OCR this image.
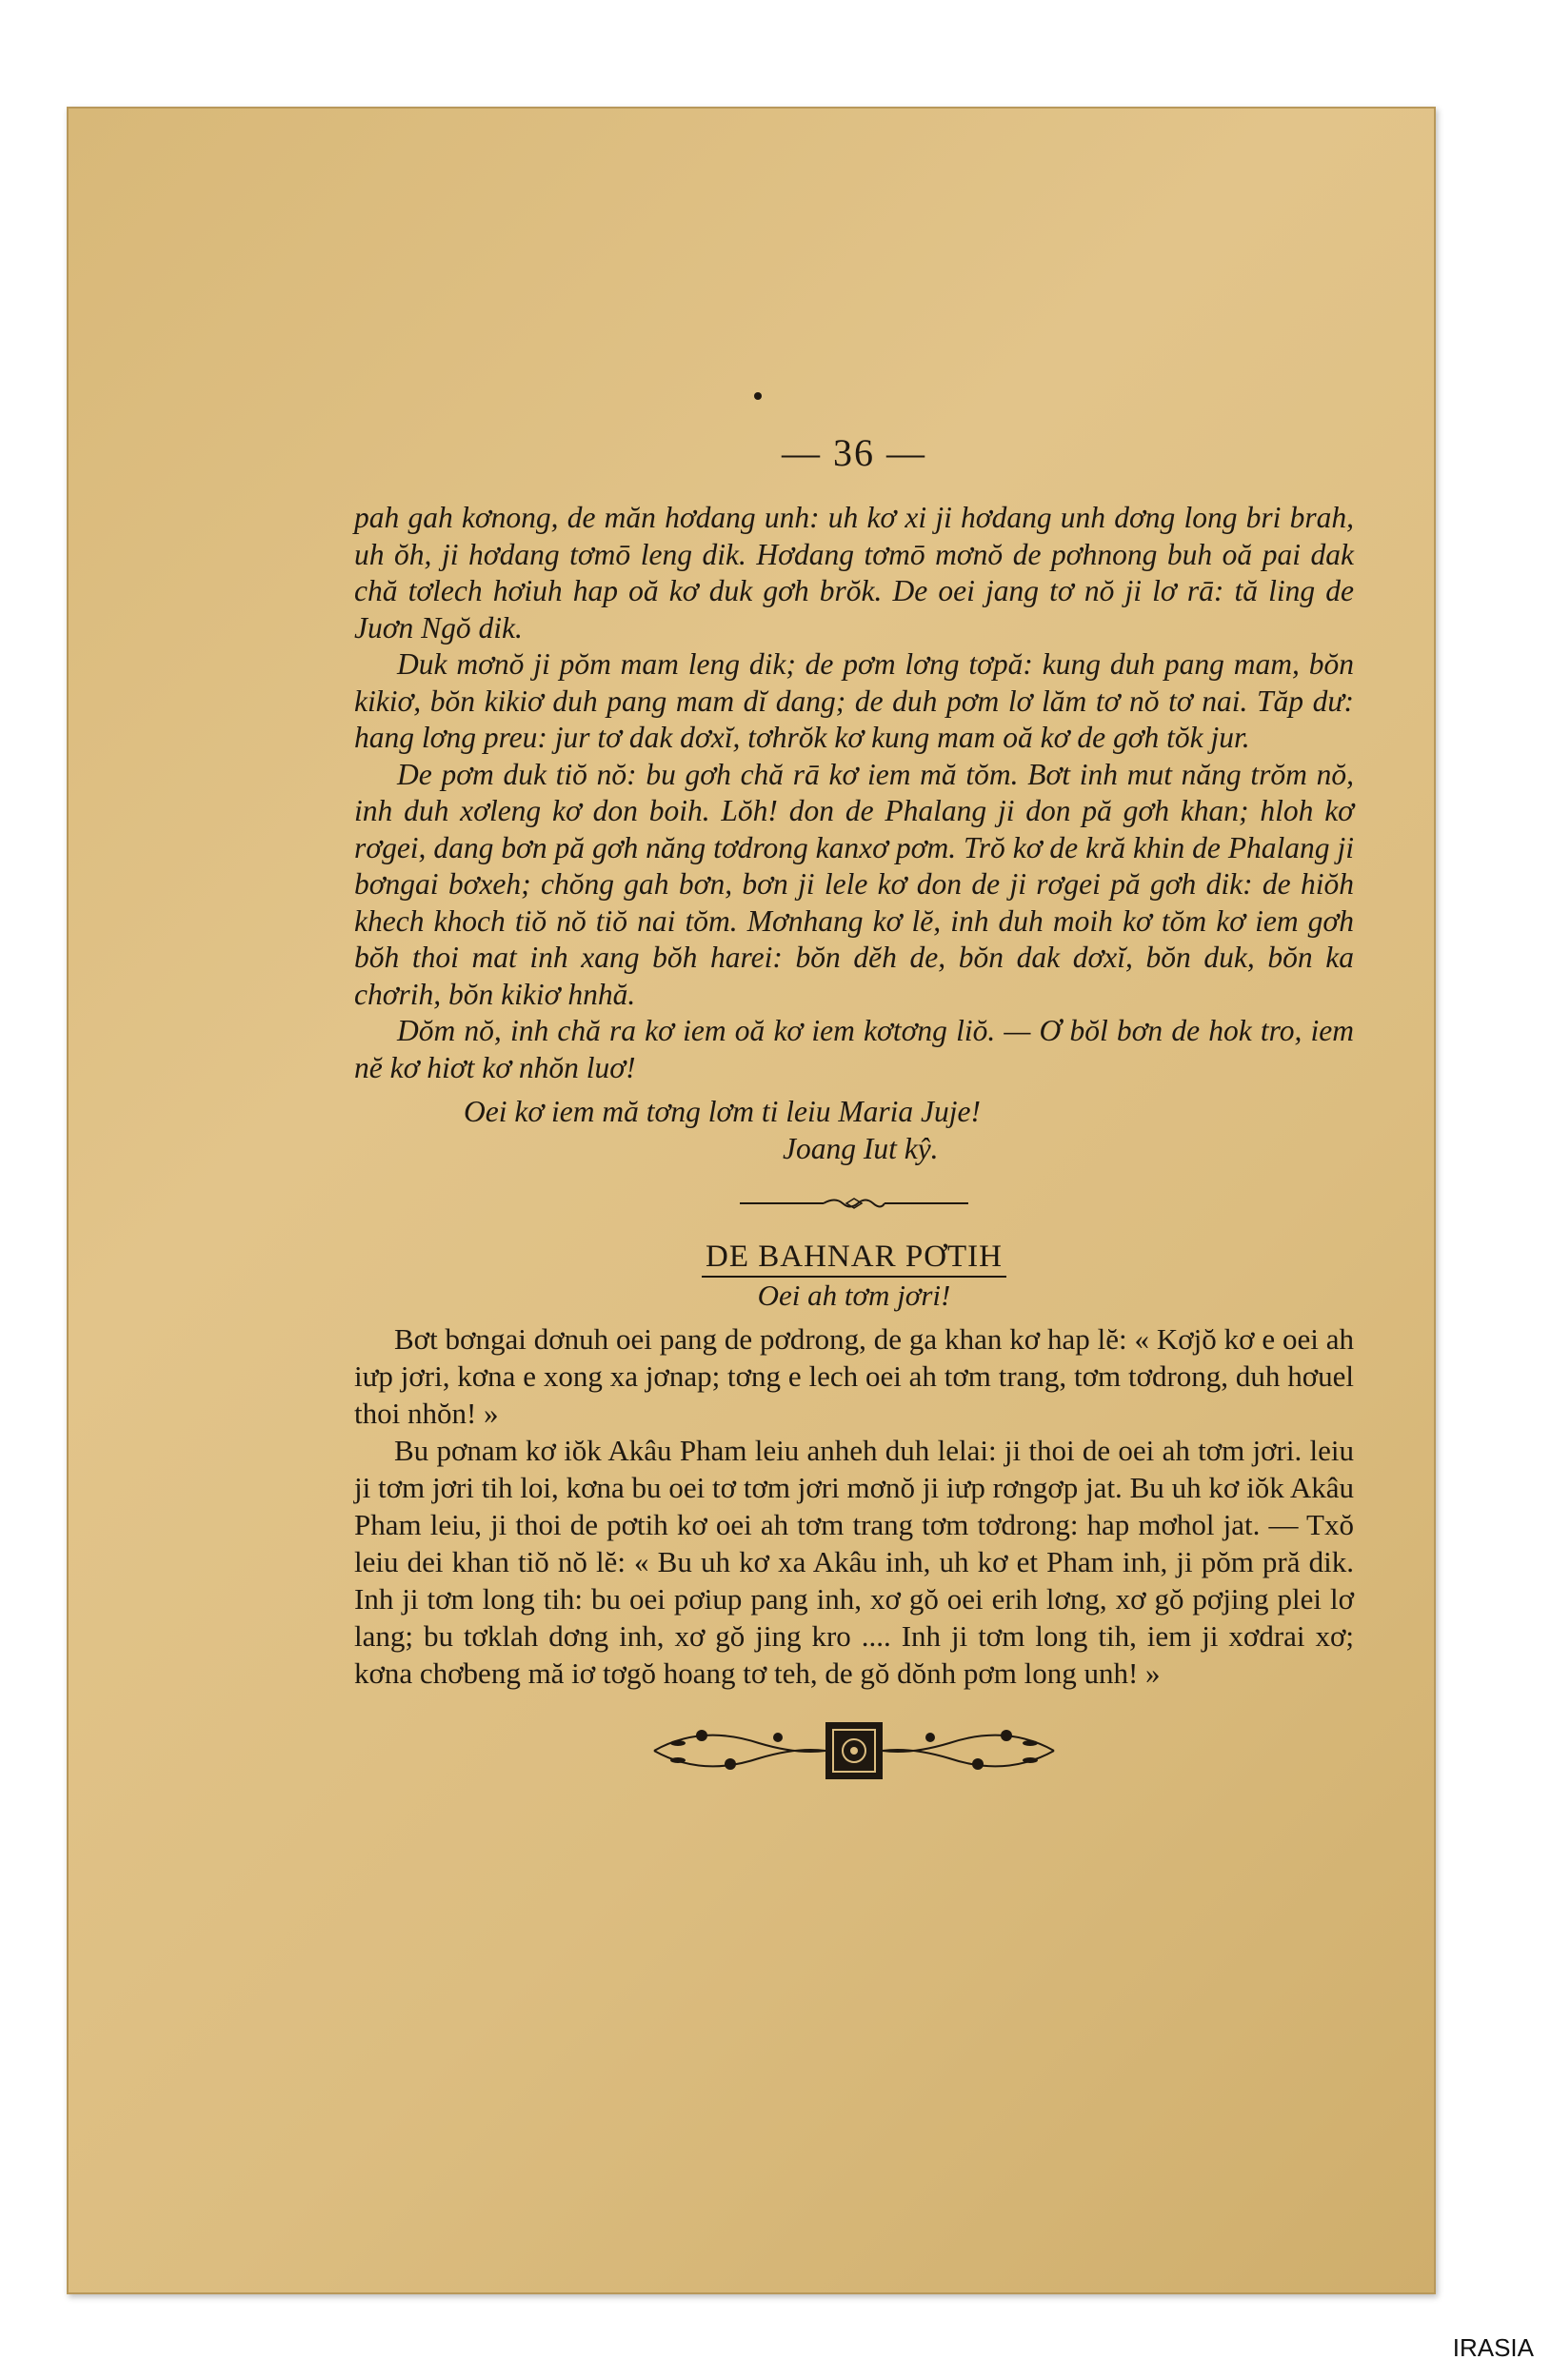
— 36 —

pah gah kơnong, de măn hơdang unh: uh kơ xi ji hơdang unh dơng long bri brah, uh ŏh, ji hơdang tơmō leng dik. Hơdang tơmō mơnŏ de pơhnong buh oă pai dak chă tơlech hơiuh hap oă kơ duk gơh brŏk. De oei jang tơ nŏ ji lơ rā: tă ling de Juơn Ngŏ dik.

Duk mơnŏ ji pŏm mam leng dik; de pơm lơng tơpă: kung duh pang mam, bŏn kikiơ, bŏn kikiơ duh pang mam dĭ dang; de duh pơm lơ lăm tơ nŏ tơ nai. Tăp dư: hang lơng preu: jur tơ dak dơxĭ, tơhrŏk kơ kung mam oă kơ de gơh tŏk jur.

De pơm duk tiŏ nŏ: bu gơh chă rā kơ iem mă tŏm. Bơt inh mut năng trŏm nŏ, inh duh xơleng kơ don boih. Lŏh! don de Phalang ji don pă gơh khan; hloh kơ rơgei, dang bơn pă gơh năng tơdrong kanxơ pơm. Trŏ kơ de kră khin de Phalang ji bơngai bơxeh; chŏng gah bơn, bơn ji lele kơ don de ji rơgei pă gơh dik: de hiŏh khech khoch tiŏ nŏ tiŏ nai tŏm. Mơnhang kơ lĕ, inh duh moih kơ tŏm kơ iem gơh bŏh thoi mat inh xang bŏh harei: bŏn dĕh de, bŏn dak dơxĭ, bŏn duk, bŏn ka chơrih, bŏn kikiơ hnhă.

Dŏm nŏ, inh chă ra kơ iem oă kơ iem kơtơng liŏ. — Ơ bŏl bơn de hok tro, iem nĕ kơ hiơt kơ nhŏn luơ!

Oei kơ iem mă tơng lơm ti leiu Maria Juje!
Joang Iut kŷ.
DE BAHNAR PƠTIH
Oei ah tơm jơri!

Bơt bơngai dơnuh oei pang de pơdrong, de ga khan kơ hap lĕ: « Kơjŏ kơ e oei ah iưp jơri, kơna e xong xa jơnap; tơng e lech oei ah tơm trang, tơm tơdrong, duh hơuel thoi nhŏn! »

Bu pơnam kơ iŏk Akâu Pham leiu anheh duh lelai: ji thoi de oei ah tơm jơri. leiu ji tơm jơri tih loi, kơna bu oei tơ tơm jơri mơnŏ ji iưp rơngơp jat. Bu uh kơ iŏk Akâu Pham leiu, ji thoi de pơtih kơ oei ah tơm trang tơm tơdrong: hap mơhol jat. — Txŏ leiu dei khan tiŏ nŏ lĕ: « Bu uh kơ xa Akâu inh, uh kơ et Pham inh, ji pŏm pră dik. Inh ji tơm long tih: bu oei pơiup pang inh, xơ gŏ oei erih lơng, xơ gŏ pơjing plei lơ lang; bu tơklah dơng inh, xơ gŏ jing kro .... Inh ji tơm long tih, iem ji xơdrai xơ; kơna chơbeng mă iơ tơgŏ hoang tơ teh, de gŏ dŏnh pơm long unh! »

IRASIA
